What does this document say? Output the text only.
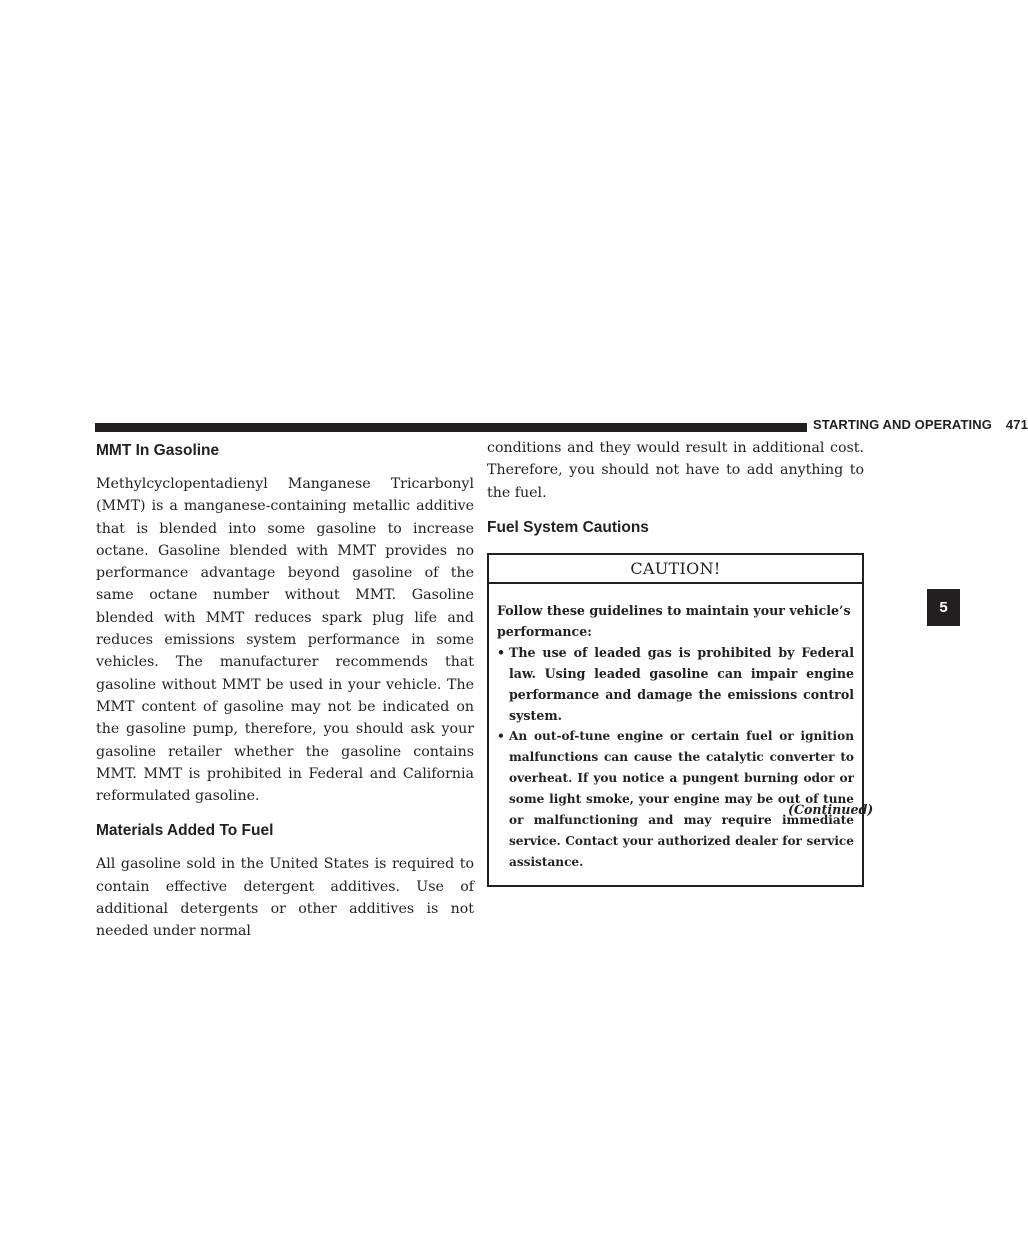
STARTING AND OPERATING 471
5
MMT In Gasoline

Methylcyclopentadienyl Manganese Tricarbonyl (MMT) is a manganese-containing metallic additive that is blended into some gasoline to increase octane. Gasoline blended with MMT provides no performance advantage beyond gasoline of the same octane number without MMT. Gasoline blended with MMT reduces spark plug life and reduces emissions system performance in some vehicles. The manufacturer recommends that gasoline without MMT be used in your vehicle. The MMT content of gasoline may not be indicated on the gasoline pump, therefore, you should ask your gasoline retailer whether the gasoline contains MMT. MMT is prohibited in Federal and California reformulated gasoline.

Materials Added To Fuel

All gasoline sold in the United States is required to contain effective detergent additives. Use of additional detergents or other additives is not needed under normal

conditions and they would result in additional cost. Therefore, you should not have to add anything to the fuel.

Fuel System Cautions
CAUTION!

Follow these guidelines to maintain your vehicle’s performance:

• The use of leaded gas is prohibited by Federal law. Using leaded gasoline can impair engine performance and damage the emissions control system.
• An out-of-tune engine or certain fuel or ignition malfunctions can cause the catalytic converter to overheat. If you notice a pungent burning odor or some light smoke, your engine may be out of tune or malfunctioning and may require immediate service. Contact your authorized dealer for service assistance.
(Continued)
